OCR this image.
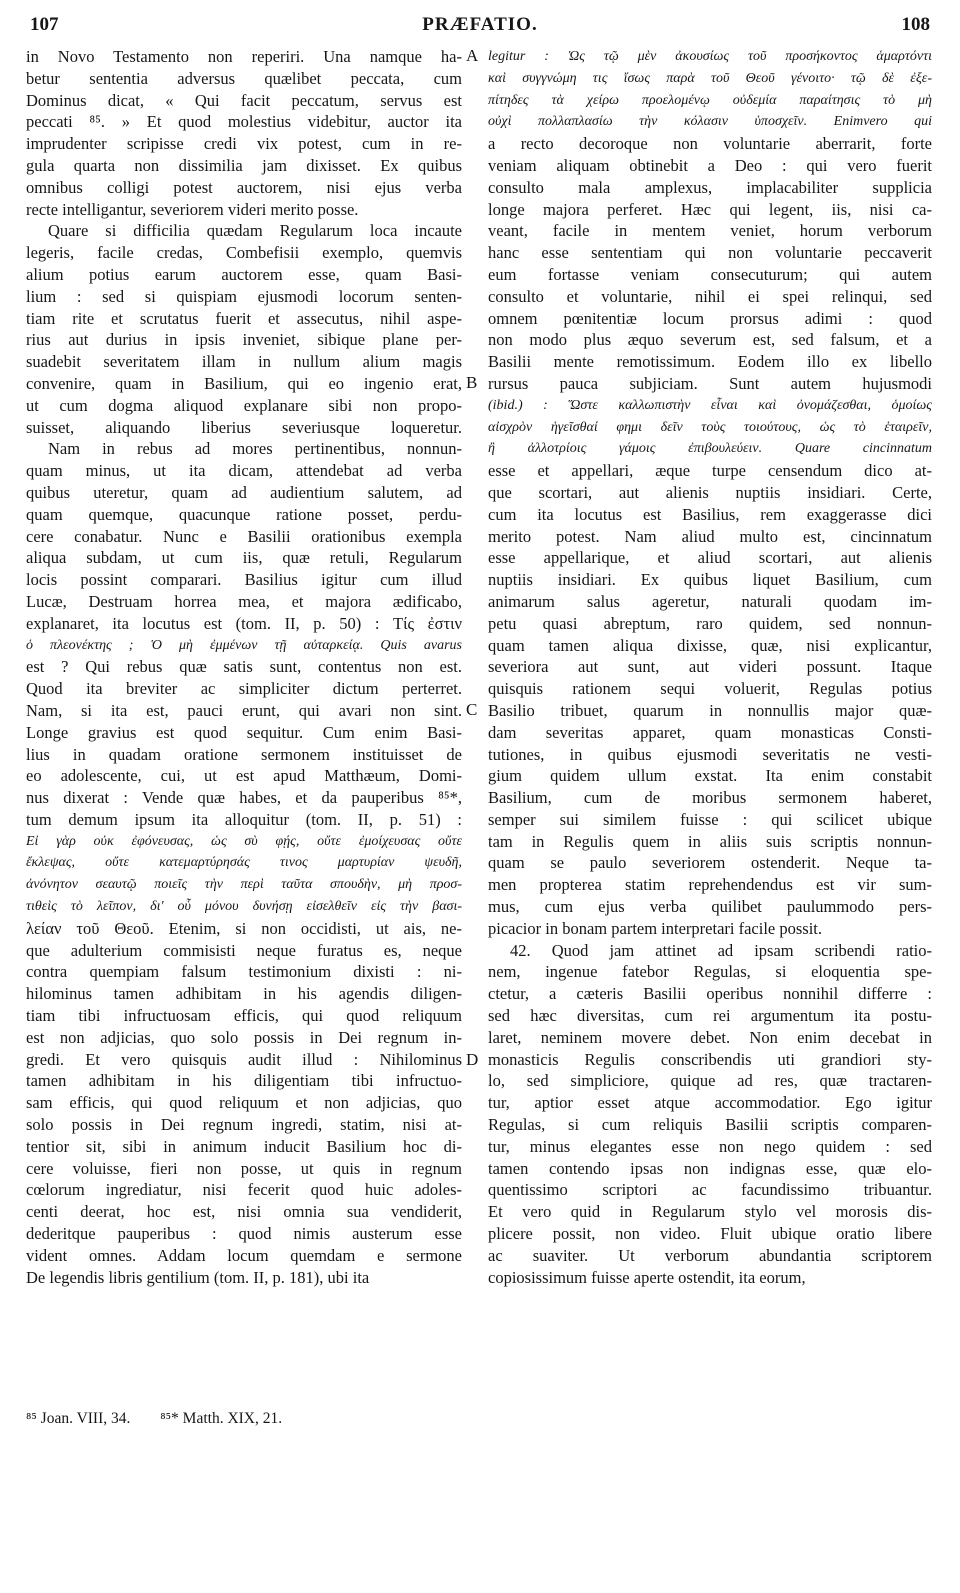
107	PRÆFATIO.	108
in Novo Testamento non reperiri. Una namque ha-
betur sententia adversus quælibet peccata, cum
Dominus dicat, « Qui facit peccatum, servus est
peccati ⁸⁵. » Et quod molestius videbitur, auctor ita
imprudenter scripisse credi vix potest, cum in re-
gula quarta non dissimilia jam dixisset. Ex quibus
omnibus colligi potest auctorem, nisi ejus verba
recte intelligantur, severiorem videri merito posse.
Quare si difficilia quædam Regularum loca incaute
legeris, facile credas, Combefisii exemplo, quemvis
alium potius earum auctorem esse, quam Basi-
lium : sed si quispiam ejusmodi locorum senten-
tiam rite et scrutatus fuerit et assecutus, nihil aspe-
rius aut durius in ipsis inveniet, sibique plane per-
suadebit severitatem illam in nullum alium magis
convenire, quam in Basilium, qui eo ingenio erat,
ut cum dogma aliquod explanare sibi non propo-
suisset, aliquando liberius severiusque loqueretur.
Nam in rebus ad mores pertinentibus, nonnun-
quam minus, ut ita dicam, attendebat ad verba
quibus uteretur, quam ad audientium salutem, ad
quam quemque, quacunque ratione posset, perdu-
cere conabatur. Nunc e Basilii orationibus exempla
aliqua subdam, ut cum iis, quæ retuli, Regularum
locis possint comparari. Basilius igitur cum illud
Lucæ, Destruam horrea mea, et majora ædificabo,
explanaret, ita locutus est (tom. II, p. 50) : Τίς ἐστιν
ὁ πλεονέκτης ; Ὁ μὴ ἐμμένων τῇ αὐταρκείᾳ. Quis avarus
est ? Qui rebus quæ satis sunt, contentus non est.
Quod ita breviter ac simpliciter dictum perterret.
Nam, si ita est, pauci erunt, qui avari non sint.
Longe gravius est quod sequitur. Cum enim Basi-
lius in quadam oratione sermonem instituisset de
eo adolescente, cui, ut est apud Matthæum, Domi-
nus dixerat : Vende quæ habes, et da pauperibus ⁸⁵*,
tum demum ipsum ita alloquitur (tom. II, p. 51) :
Εἰ γὰρ οὐκ ἐφόνευσας, ὡς σὺ φῄς, οὔτε ἐμοίχευσας οὔτε
ἔκλεψας, οὔτε κατεμαρτύρησάς τινος μαρτυρίαν ψευδῆ,
ἀνόνητον σεαυτῷ ποιεῖς τὴν περὶ ταῦτα σπουδὴν, μὴ προσ-
τιθεὶς τὸ λεῖπον, δι' οὗ μόνου δυνήσῃ εἰσελθεῖν εἰς τὴν βασι-
λείαν τοῦ Θεοῦ. Etenim, si non occidisti, ut ais, ne-
que adulterium commisisti neque furatus es, neque
contra quempiam falsum testimonium dixisti : ni-
hilominus tamen adhibitam in his agendis diligen-
tiam tibi infructuosam efficis, qui quod reliquum
est non adjicias, quo solo possis in Dei regnum in-
gredi. Et vero quisquis audit illud : Nihilominus
tamen adhibitam in his diligentiam tibi infructuo-
sam efficis, qui quod reliquum et non adjicias, quo
solo possis in Dei regnum ingredi, statim, nisi at-
tentior sit, sibi in animum inducit Basilium hoc di-
cere voluisse, fieri non posse, ut quis in regnum
cœlorum ingrediatur, nisi fecerit quod huic adoles-
centi deerat, hoc est, nisi omnia sua vendiderit,
dederitque pauperibus : quod nimis austerum esse
vident omnes. Addam locum quemdam e sermone
De legendis libris gentilium (tom. II, p. 181), ubi ita
legitur : Ὡς τῷ μὲν ἀκουσίως τοῦ προσήκοντος ἁμαρτόντι
καὶ συγγνώμη τις ἴσως παρὰ τοῦ Θεοῦ γένοιτο· τῷ δὲ ἐξε-
πίτηδες τὰ χείρω προελομένῳ οὐδεμία παραίτησις τὸ μὴ
οὐχὶ πολλαπλασίω τὴν κόλασιν ὑποσχεῖν. Enimvero qui
a recto decoroque non voluntarie aberrarit, forte
veniam aliquam obtinebit a Deo : qui vero fuerit
consulto mala amplexus, implacabiliter supplicia
longe majora perferet. Hæc qui legent, iis, nisi ca-
veant, facile in mentem veniet, horum verborum
hanc esse sententiam qui non voluntarie peccaverit
eum fortasse veniam consecuturum; qui autem
consulto et voluntarie, nihil ei spei relinqui, sed
omnem pœnitentiæ locum prorsus adimi : quod
non modo plus æquo severum est, sed falsum, et a
Basilii mente remotissimum. Eodem illo ex libello
rursus pauca subjiciam. Sunt autem hujusmodi
(ibid.) : Ὥστε καλλωπιστὴν εἶναι καὶ ὀνομάζεσθαι, ὁμοίως
αἰσχρὸν ἡγεῖσθαί φημι δεῖν τοὺς τοιούτους, ὡς τὸ ἑταιρεῖν,
ἢ ἀλλοτρίοις γάμοις ἐπιβουλεύειν. Quare cincinnatum
esse et appellari, æque turpe censendum dico at-
que scortari, aut alienis nuptiis insidiari. Certe,
cum ita locutus est Basilius, rem exaggerasse dici
merito potest. Nam aliud multo est, cincinnatum
esse appellarique, et aliud scortari, aut alienis
nuptiis insidiari. Ex quibus liquet Basilium, cum
animarum salus ageretur, naturali quodam im-
petu quasi abreptum, raro quidem, sed nonnun-
quam tamen aliqua dixisse, quæ, nisi explicantur,
severiora aut sunt, aut videri possunt. Itaque
quisquis rationem sequi voluerit, Regulas potius
Basilio tribuet, quarum in nonnullis major quæ-
dam severitas apparet, quam monasticas Consti-
tutiones, in quibus ejusmodi severitatis ne vesti-
gium quidem ullum exstat. Ita enim constabit
Basilium, cum de moribus sermonem haberet,
semper sui similem fuisse : qui scilicet ubique
tam in Regulis quem in aliis suis scriptis nonnun-
quam se paulo severiorem ostenderit. Neque ta-
men propterea statim reprehendendus est vir sum-
mus, cum ejus verba quilibet paulummodo pers-
picacior in bonam partem interpretari facile possit.
42. Quod jam attinet ad ipsam scribendi ratio-
nem, ingenue fatebor Regulas, si eloquentia spe-
ctetur, a cæteris Basilii operibus nonnihil differre :
sed hæc diversitas, cum rei argumentum ita postu-
laret, neminem movere debet. Non enim decebat in
monasticis Regulis conscribendis uti grandiori sty-
lo, sed simpliciore, quique ad res, quæ tractaren-
tur, aptior esset atque accommodatior. Ego igitur
Regulas, si cum reliquis Basilii scriptis comparen-
tur, minus elegantes esse non nego quidem : sed
tamen contendo ipsas non indignas esse, quæ elo-
quentissimo scriptori ac facundissimo tribuantur.
Et vero quid in Regularum stylo vel morosis dis-
plicere possit, non video. Fluit ubique oratio libere
ac suaviter. Ut verborum abundantia scriptorem
copiosissimum fuisse aperte ostendit, ita eorum,
A
B
C
D
⁸⁵ Joan. VIII, 34. ⁸⁵* Matth. XIX, 21.
